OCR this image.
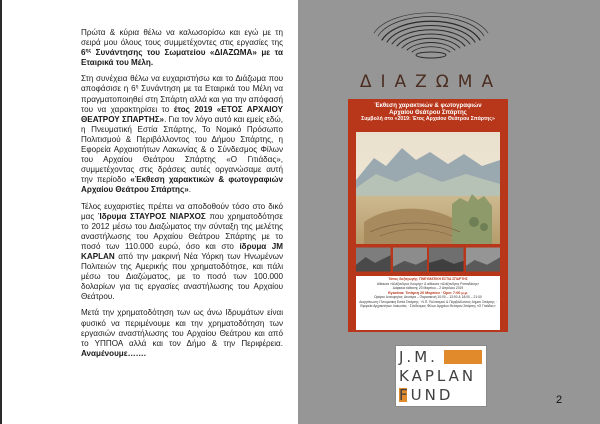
Πρώτα & κύρια θέλω να καλωσορίσω και εγώ με τη σειρά μου όλους τους συμμετέχοντες στις εργασίες της $6^{\eta\varsigma}$ Συνάντησης του Σωματείου «ΔΙΑΖΩΜΑ» με τα Εταιρικά του Μέλη.

Στη συνέχεια θέλω να ευχαριστήσω και το Διάζωμα που αποφάσισε η $6^\eta$ Συνάντηση με τα Εταιρικά του Μέλη να πραγματοποιηθεί στη Σπάρτη αλλά και για την απόφασή του να χαρακτηρίσει το έτος 2019 «ΕΤΟΣ ΑΡΧΑΙΟΥ ΘΕΑΤΡΟΥ ΣΠΑΡΤΗΣ». Για τον λόγο αυτό και εμείς εδώ, η Πνευματική Εστία Σπάρτης, Το Νομικό Πρόσωπο Πολιτισμού & Περιβάλλοντος του Δήμου Σπάρτης, η Εφορεία Αρχαιοτήτων Λακωνίας & ο Σύνδεσμος Φίλων του Αρχαίου Θεάτρου Σπάρτης «Ο Γιτιάδας», συμμετέχοντας στις δράσεις αυτές οργανώσαμε αυτή την περίοδο «Έκθεση χαρακτικών & φωτογραφιών Αρχαίου Θεάτρου Σπάρτης».

Τέλος ευχαριστίες πρέπει να αποδοθούν τόσο στο δικό μας Ίδρυμα ΣΤΑΥΡΟΣ ΝΙΑΡΧΟΣ που χρηματοδότησε το 2012 μέσω του Διαζώματος την σύνταξη της μελέτης αναστήλωσης του Αρχαίου Θεάτρου Σπάρτης με το ποσό των 110.000 ευρώ, όσο και στο ίδρυμα JM KAPLAN από την μακρινή Νέα Υόρκη των Ηνωμένων Πολιτειών της Αμερικής που χρηματοδότησε, και πάλι μέσω του Διαζώματος, με το ποσό των 100.000 δολαρίων για τις εργασίες αναστήλωσης του Αρχαίου Θεάτρου.

Μετά την χρηματοδότηση των ως άνω Ιδρυμάτων είναι φυσικό να περιμένουμε και την χρηματοδότηση των εργασιών αναστήλωσης του Αρχαίου Θεάτρου και από το ΥΠΠΟΑ αλλά και τον Δήμο & την Περιφέρεια. Αναμένουμε…….

ΔΙΑΖΩΜΑ
Έκθεση χαρακτικών & φωτογραφιών
Αρχαίου Θεάτρου Σπάρτης
Συμβολή στο «2019: Έτος Αρχαίου Θεάτρου Σπάρτης»
Τόπος διεξαγωγής: ΠΝΕΥΜΑΤΙΚΗ ΕΣΤΙΑ ΣΠΑΡΤΗΣ
Αίθουσα «Αλέξανδρος Κουμής» & αίθουσα «Αλέξανδρος Ραπαδάκης»
Διάρκεια έκθεσης 20 Μαρτίου – 2 Απριλίου 2019
Εγκαίνια: Τετάρτη 20 Μαρτίου · Ώρα: 7:00 μ.μ.
Ωράριο λειτουργίας: Δευτέρα – Παρασκευή 10:00 – 13:00 & 18:00 – 21:00
Διοργάνωση: Πνευματική Εστία Σπάρτης · Ν.Π. Πολιτισμού & Περιβάλλοντος Δήμου Σπάρτης · Εφορεία Αρχαιοτήτων Λακωνίας · Σύνδεσμος Φίλων Αρχαίου Θεάτρου Σπάρτης «Ο Γιτιάδας»
J.M.
KAPLAN
FUND	2
